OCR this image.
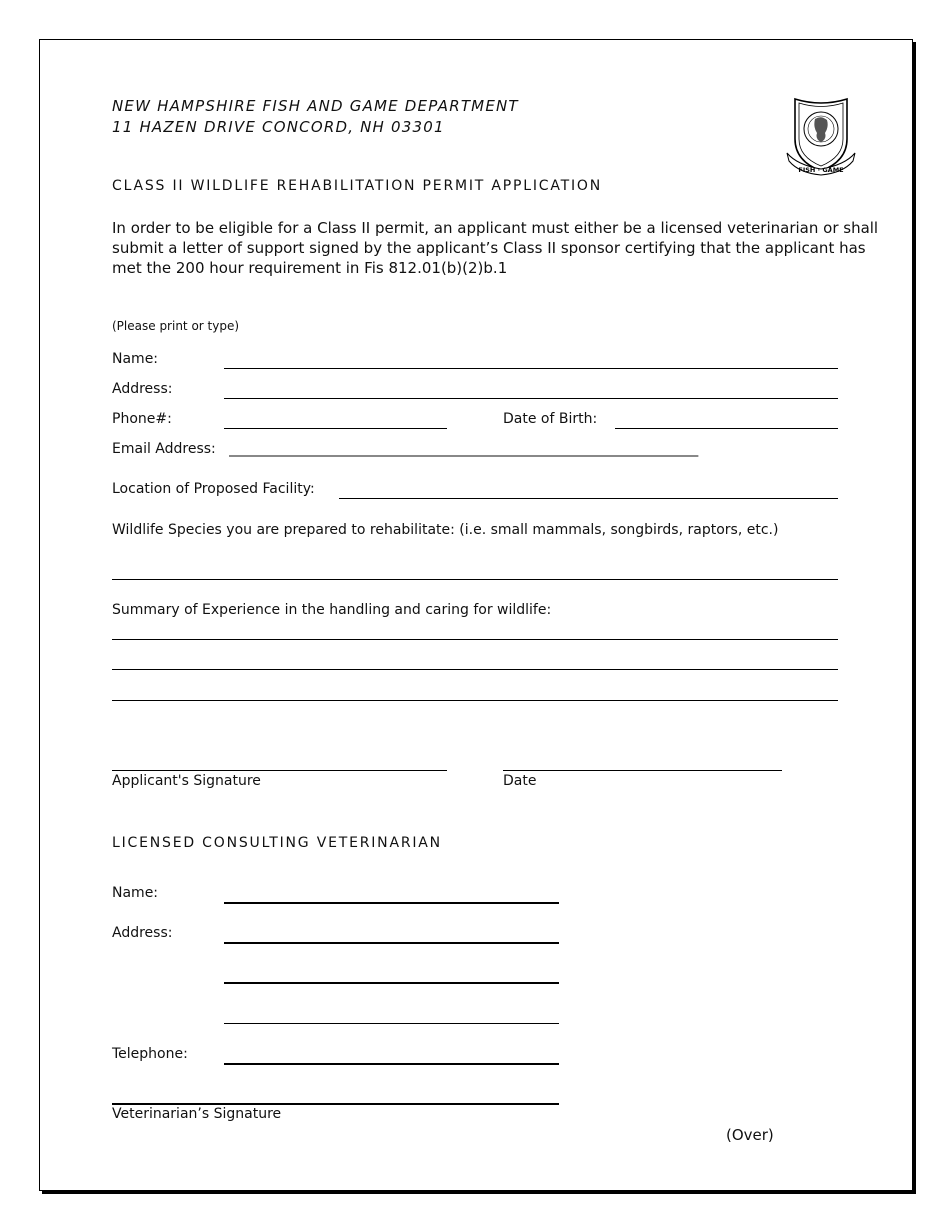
NEW HAMPSHIRE FISH AND GAME DEPARTMENT
11 HAZEN DRIVE CONCORD, NH 03301
FISH · GAME
CLASS II WILDLIFE REHABILITATION PERMIT APPLICATION
In order to be eligible for a Class II permit, an applicant must either be a licensed veterinarian or shall submit a letter of support signed by the applicant’s Class II sponsor certifying that the applicant has met the 200 hour requirement in Fis 812.01(b)(2)b.1
(Please print or type)
Name:
Address:
Phone#:	Date of Birth:
Email Address: ______________________________________________________________________
Location of Proposed Facility:
Wildlife Species you are prepared to rehabilitate: (i.e. small mammals, songbirds, raptors, etc.)
Summary of Experience in the handling and caring for wildlife:
Applicant's Signature	Date
LICENSED CONSULTING VETERINARIAN
Name:
Address:
Telephone:
Veterinarian’s Signature
(Over)
